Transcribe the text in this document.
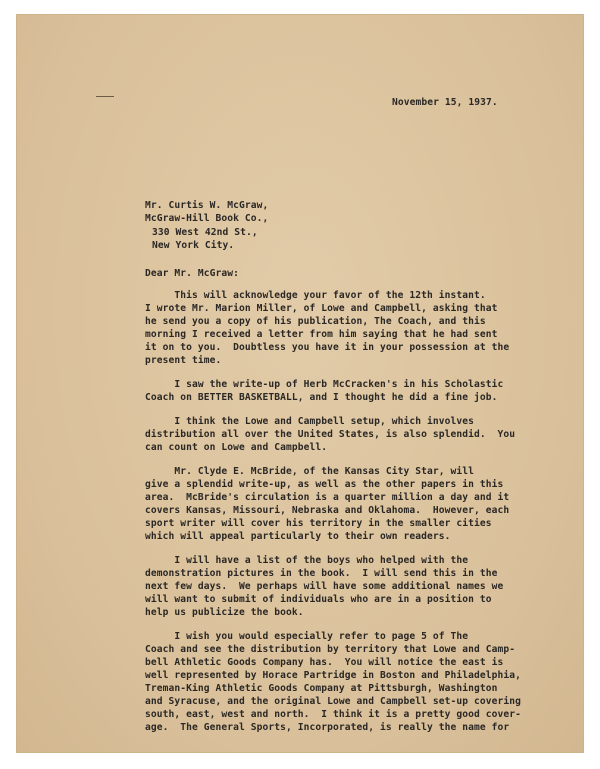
November 15, 1937.
Mr. Curtis W. McGraw,
McGraw-Hill Book Co.,
330 West 42nd St.,
New York City.
Dear Mr. McGraw:
This will acknowledge your favor of the 12th instant.
I wrote Mr. Marion Miller, of Lowe and Campbell, asking that
he send you a copy of his publication, The Coach, and this
morning I received a letter from him saying that he had sent
it on to you.  Doubtless you have it in your possession at the
present time.
I saw the write-up of Herb McCracken's in his Scholastic
Coach on BETTER BASKETBALL, and I thought he did a fine job.
I think the Lowe and Campbell setup, which involves
distribution all over the United States, is also splendid.  You
can count on Lowe and Campbell.
Mr. Clyde E. McBride, of the Kansas City Star, will
give a splendid write-up, as well as the other papers in this
area.  McBride's circulation is a quarter million a day and it
covers Kansas, Missouri, Nebraska and Oklahoma.  However, each
sport writer will cover his territory in the smaller cities
which will appeal particularly to their own readers.
I will have a list of the boys who helped with the
demonstration pictures in the book.  I will send this in the
next few days.  We perhaps will have some additional names we
will want to submit of individuals who are in a position to
help us publicize the book.
I wish you would especially refer to page 5 of The
Coach and see the distribution by territory that Lowe and Camp-
bell Athletic Goods Company has.  You will notice the east is
well represented by Horace Partridge in Boston and Philadelphia,
Treman-King Athletic Goods Company at Pittsburgh, Washington
and Syracuse, and the original Lowe and Campbell set-up covering
south, east, west and north.  I think it is a pretty good cover-
age.  The General Sports, Incorporated, is really the name for
